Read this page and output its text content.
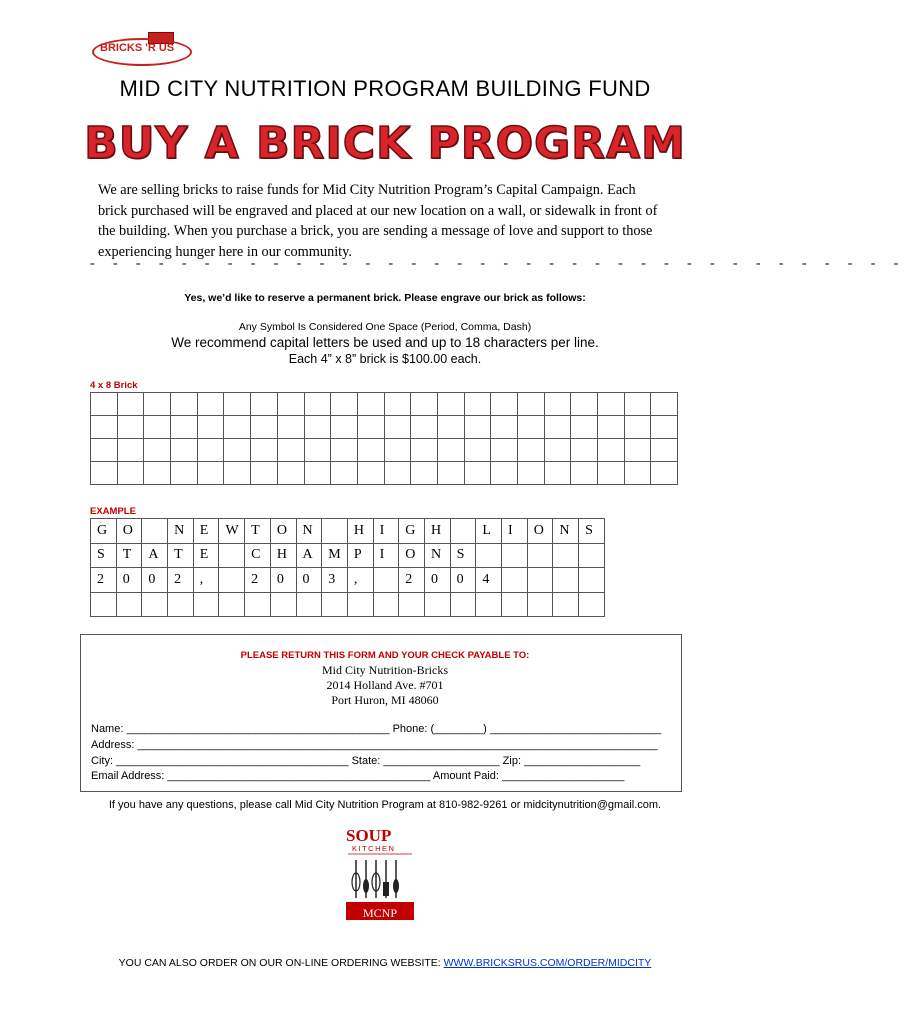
BRICKS 'R US
MID CITY NUTRITION PROGRAM BUILDING FUND
BUY A BRICK PROGRAM
We are selling bricks to raise funds for Mid City Nutrition Program’s Capital Campaign. Each brick purchased will be engraved and placed at our new location on a wall, or sidewalk in front of the building. When you purchase a brick, you are sending a message of love and support to those experiencing hunger here in our community.
- - - - - - - - - - - - - - - - - - - - - - - - - - - - - - - - - - - -
Yes, we’d like to reserve a permanent brick. Please engrave our brick as follows:
Any Symbol Is Considered One Space (Period, Comma, Dash)
We recommend capital letters be used and up to 18 characters per line.
Each 4” x 8” brick is $100.00 each.
4 x 8 Brick

EXAMPLE
G	O		N	E	W	T	O	N		H	I	G	H		L	I	O	N	S
S	T	A	T	E		C	H	A	M	P	I	O	N	S					
2	0	0	2	,		2	0	0	3	,		2	0	0	4				

PLEASE RETURN THIS FORM AND YOUR CHECK PAYABLE TO:
Mid City Nutrition-Bricks
2014 Holland Ave. #701
Port Huron, MI 48060
Name: ___________________________________________ Phone: (________) ____________________________
Address: _____________________________________________________________________________________
City: ______________________________________ State: ___________________ Zip: ___________________
Email Address: ___________________________________________ Amount Paid: ____________________
If you have any questions, please call Mid City Nutrition Program at 810-982-9261 or midcitynutrition@gmail.com.
SOUP
KITCHEN
MCNP
YOU CAN ALSO ORDER ON OUR ON-LINE ORDERING WEBSITE: WWW.BRICKSRUS.COM/ORDER/MIDCITY
